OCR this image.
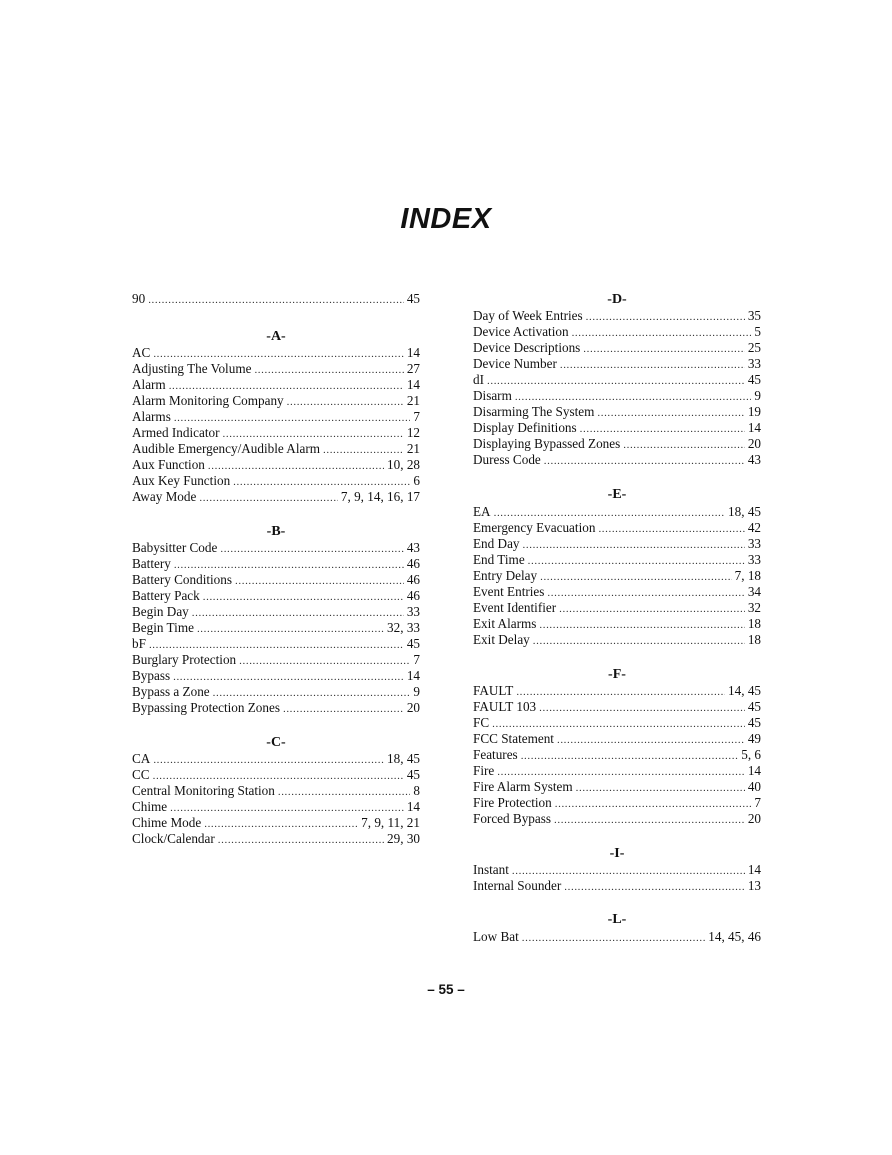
INDEX
90 .....	45
-A-
AC .....	14
Adjusting The Volume .....	27
Alarm .....	14
Alarm Monitoring Company .....	21
Alarms .....	7
Armed Indicator .....	12
Audible Emergency/Audible Alarm .....	21
Aux Function .....	10, 28
Aux Key Function .....	6
Away Mode .....	7, 9, 14, 16, 17
-B-
Babysitter Code .....	43
Battery .....	46
Battery Conditions .....	46
Battery Pack .....	46
Begin Day .....	33
Begin Time .....	32, 33
bF .....	45
Burglary Protection .....	7
Bypass .....	14
Bypass a Zone .....	9
Bypassing Protection Zones .....	20
-C-
CA .....	18, 45
CC .....	45
Central Monitoring Station .....	8
Chime .....	14
Chime Mode .....	7, 9, 11, 21
Clock/Calendar .....	29, 30
-D-
Day of Week Entries .....	35
Device Activation .....	5
Device Descriptions .....	25
Device Number .....	33
dI .....	45
Disarm .....	9
Disarming The System .....	19
Display Definitions .....	14
Displaying Bypassed Zones .....	20
Duress Code .....	43
-E-
EA .....	18, 45
Emergency Evacuation .....	42
End Day .....	33
End Time .....	33
Entry Delay .....	7, 18
Event Entries .....	34
Event Identifier .....	32
Exit Alarms .....	18
Exit Delay .....	18
-F-
FAULT .....	14, 45
FAULT 103 .....	45
FC .....	45
FCC Statement .....	49
Features .....	5, 6
Fire .....	14
Fire Alarm System .....	40
Fire Protection .....	7
Forced Bypass .....	20
-I-
Instant .....	14
Internal Sounder .....	13
-L-
Low Bat .....	14, 45, 46
– 55 –
